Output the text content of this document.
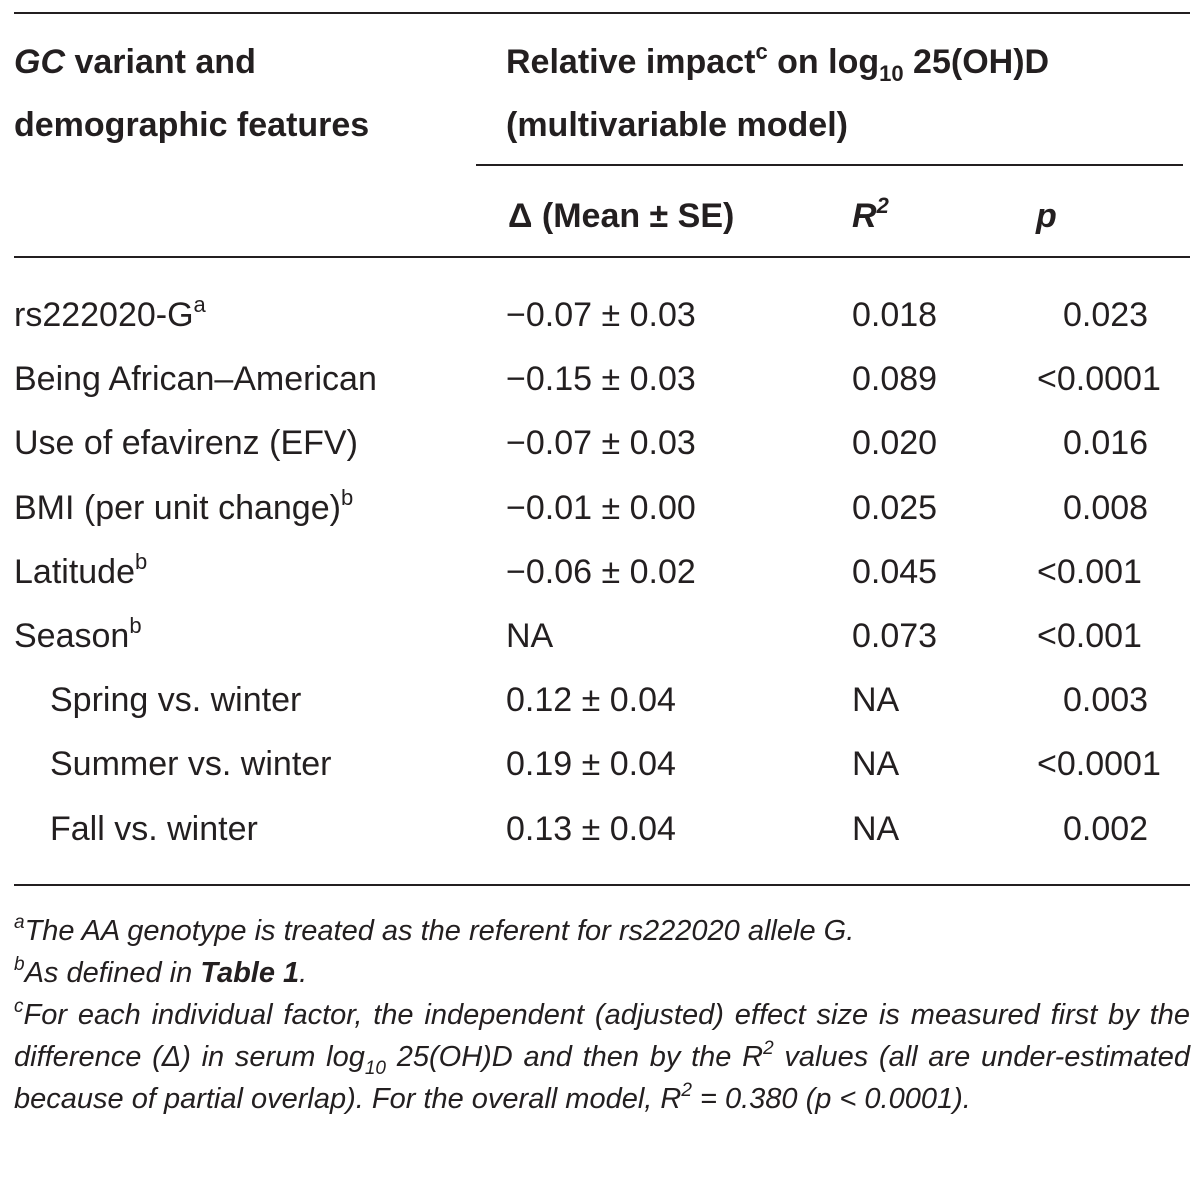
GC variant and
demographic features
Relative impact$^c$ on $\log_{10} 25(OH)D$
(multivariable model)
Δ (Mean ± SE)	$R^2$	p
$rs222020-G^a$	−0.07 ± 0.03	0.018	0.023
Being African–American	−0.15 ± 0.03	0.089	<0.0001
Use of efavirenz (EFV)	−0.07 ± 0.03	0.020	0.016
BMI (per unit change)$^b$	−0.01 ± 0.00	0.025	0.008
Latitude$^b$	−0.06 ± 0.02	0.045	<0.001
Season$^b$	NA	0.073	<0.001
Spring vs. winter	0.12 ± 0.04	NA	0.003
Summer vs. winter	0.19 ± 0.04	NA	<0.0001
Fall vs. winter	0.13 ± 0.04	NA	0.002
$^a$The AA genotype is treated as the referent for rs222020 allele G.
$^b$As defined in Table 1.
$^c$For each individual factor, the independent (adjusted) effect size is measured first by the difference (Δ) in serum $\log_{10} 25(OH)D$ and then by the $R^2$ values (all are under-estimated because of partial overlap). For the overall model, $R^2 = 0.380$ (p < 0.0001).
